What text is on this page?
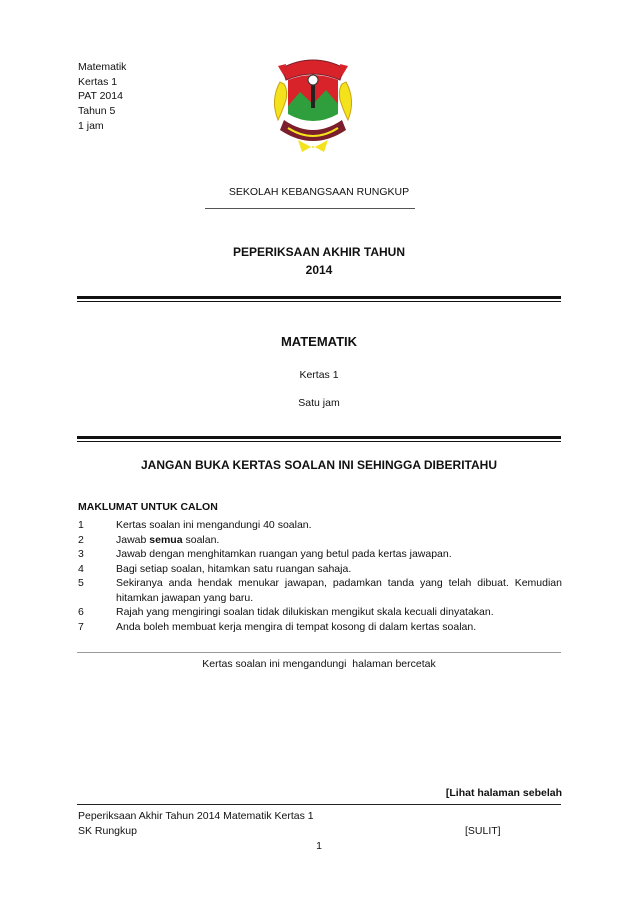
Matematik
Kertas 1
PAT 2014
Tahun 5
1 jam
SEKOLAH KEBANGSAAN RUNGKUP
PEPERIKSAAN AKHIR TAHUN
2014
MATEMATIK
Kertas 1
Satu jam
JANGAN BUKA KERTAS SOALAN INI SEHINGGA DIBERITAHU
MAKLUMAT UNTUK CALON
1	Kertas soalan ini mengandungi 40 soalan.
2	Jawab semua soalan.
3	Jawab dengan menghitamkan ruangan yang betul pada kertas jawapan.
4	Bagi setiap soalan, hitamkan satu ruangan sahaja.
5	Sekiranya anda hendak menukar jawapan, padamkan tanda yang telah dibuat. Kemudian hitamkan jawapan yang baru.
6	Rajah yang mengiringi soalan tidak dilukiskan mengikut skala kecuali dinyatakan.
7	Anda boleh membuat kerja mengira di tempat kosong di dalam kertas soalan.
Kertas soalan ini mengandungi  halaman bercetak
[Lihat halaman sebelah
Peperiksaan Akhir Tahun 2014 Matematik Kertas 1
SK Rungkup	[SULIT]
1
